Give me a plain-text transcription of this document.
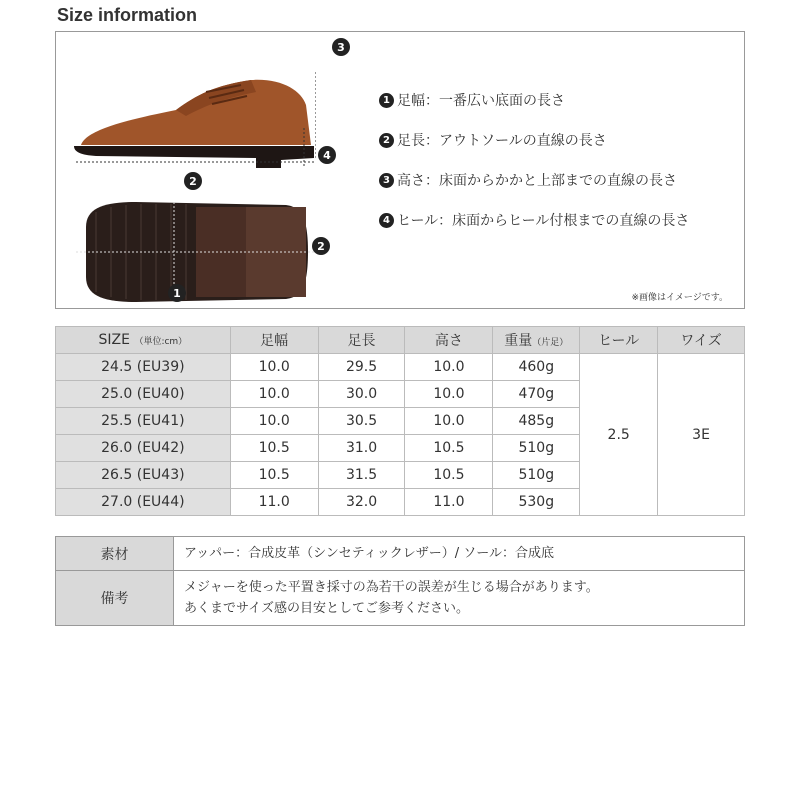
Size information
3
4
2
2
1
1 足幅：一番広い底面の長さ
2 足長：アウトソールの直線の長さ
3 高さ：床面からかかと上部までの直線の長さ
4 ヒール：床面からヒール付根までの直線の長さ
※画像はイメージです。
SIZE （単位:cm）	足幅	足長	高さ	重量（片足）	ヒール	ワイズ
24.5 (EU39)	10.0	29.5	10.0	460g	2.5	3E
25.0 (EU40)	10.0	30.0	10.0	470g		
25.5 (EU41)	10.0	30.5	10.0	485g		
26.0 (EU42)	10.5	31.0	10.5	510g		
26.5 (EU43)	10.5	31.5	10.5	510g		
27.0 (EU44)	11.0	32.0	11.0	530g		
素材	アッパー：合成皮革（シンセティックレザー）/ ソール：合成底
備考	メジャーを使った平置き採寸の為若干の誤差が生じる場合があります。
あくまでサイズ感の目安としてご参考ください。
